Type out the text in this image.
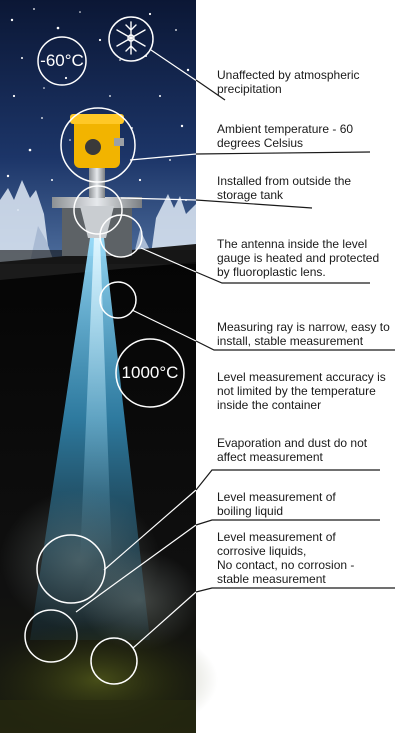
-60°C
1000°C

Unaffected by atmospheric
precipitation

Ambient temperature - 60
degrees Celsius

Installed from outside the
storage tank

The antenna inside the level
gauge is heated and protected
by fluoroplastic lens.

Measuring ray is narrow, easy to
install, stable measurement

Level measurement accuracy is
not limited by the temperature
inside the container

Evaporation and dust do not
affect measurement

Level measurement of
boiling liquid

Level measurement of
corrosive liquids,
No contact, no corrosion -
stable measurement
